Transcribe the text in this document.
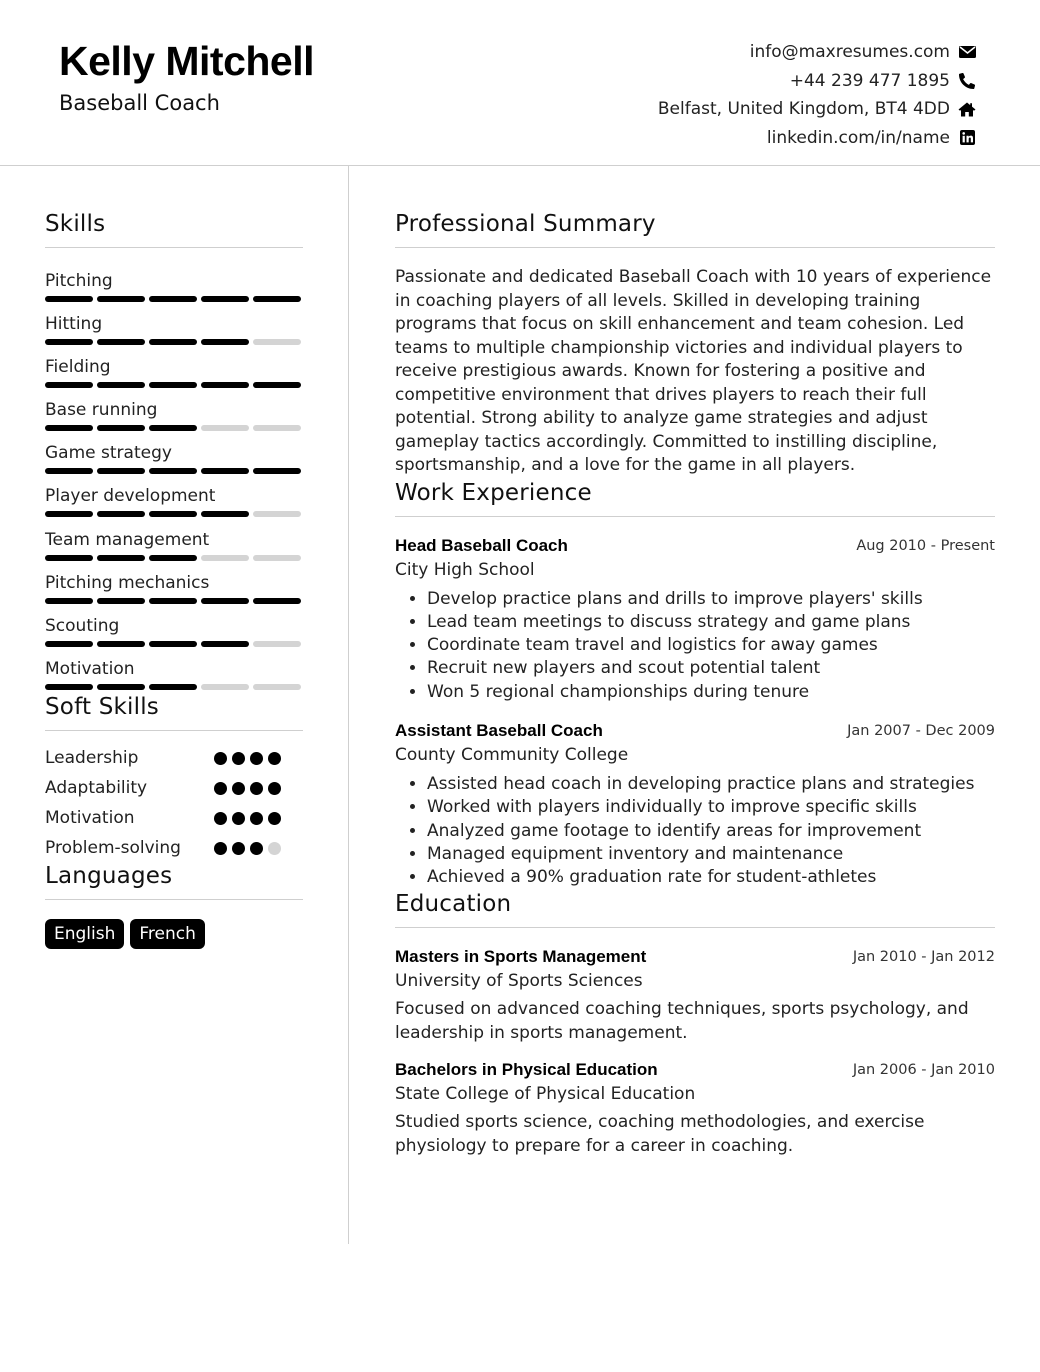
Kelly Mitchell
Baseball Coach
info@maxresumes.com
+44 239 477 1895
Belfast, United Kingdom, BT4 4DD
linkedin.com/in/name
Skills
Pitching
Hitting
Fielding
Base running
Game strategy
Player development
Team management
Pitching mechanics
Scouting
Motivation
Soft Skills
Leadership
Adaptability
Motivation
Problem-solving
Languages
English	French
Professional Summary
Passionate and dedicated Baseball Coach with 10 years of experience in coaching players of all levels. Skilled in developing training programs that focus on skill enhancement and team cohesion. Led teams to multiple championship victories and individual players to receive prestigious awards. Known for fostering a positive and competitive environment that drives players to reach their full potential. Strong ability to analyze game strategies and adjust gameplay tactics accordingly. Committed to instilling discipline, sportsmanship, and a love for the game in all players.
Work Experience
Head Baseball Coach	Aug 2010 - Present
City High School
• Develop practice plans and drills to improve players' skills
• Lead team meetings to discuss strategy and game plans
• Coordinate team travel and logistics for away games
• Recruit new players and scout potential talent
• Won 5 regional championships during tenure
Assistant Baseball Coach	Jan 2007 - Dec 2009
County Community College
• Assisted head coach in developing practice plans and strategies
• Worked with players individually to improve specific skills
• Analyzed game footage to identify areas for improvement
• Managed equipment inventory and maintenance
• Achieved a 90% graduation rate for student-athletes
Education
Masters in Sports Management	Jan 2010 - Jan 2012
University of Sports Sciences
Focused on advanced coaching techniques, sports psychology, and leadership in sports management.
Bachelors in Physical Education	Jan 2006 - Jan 2010
State College of Physical Education
Studied sports science, coaching methodologies, and exercise physiology to prepare for a career in coaching.
